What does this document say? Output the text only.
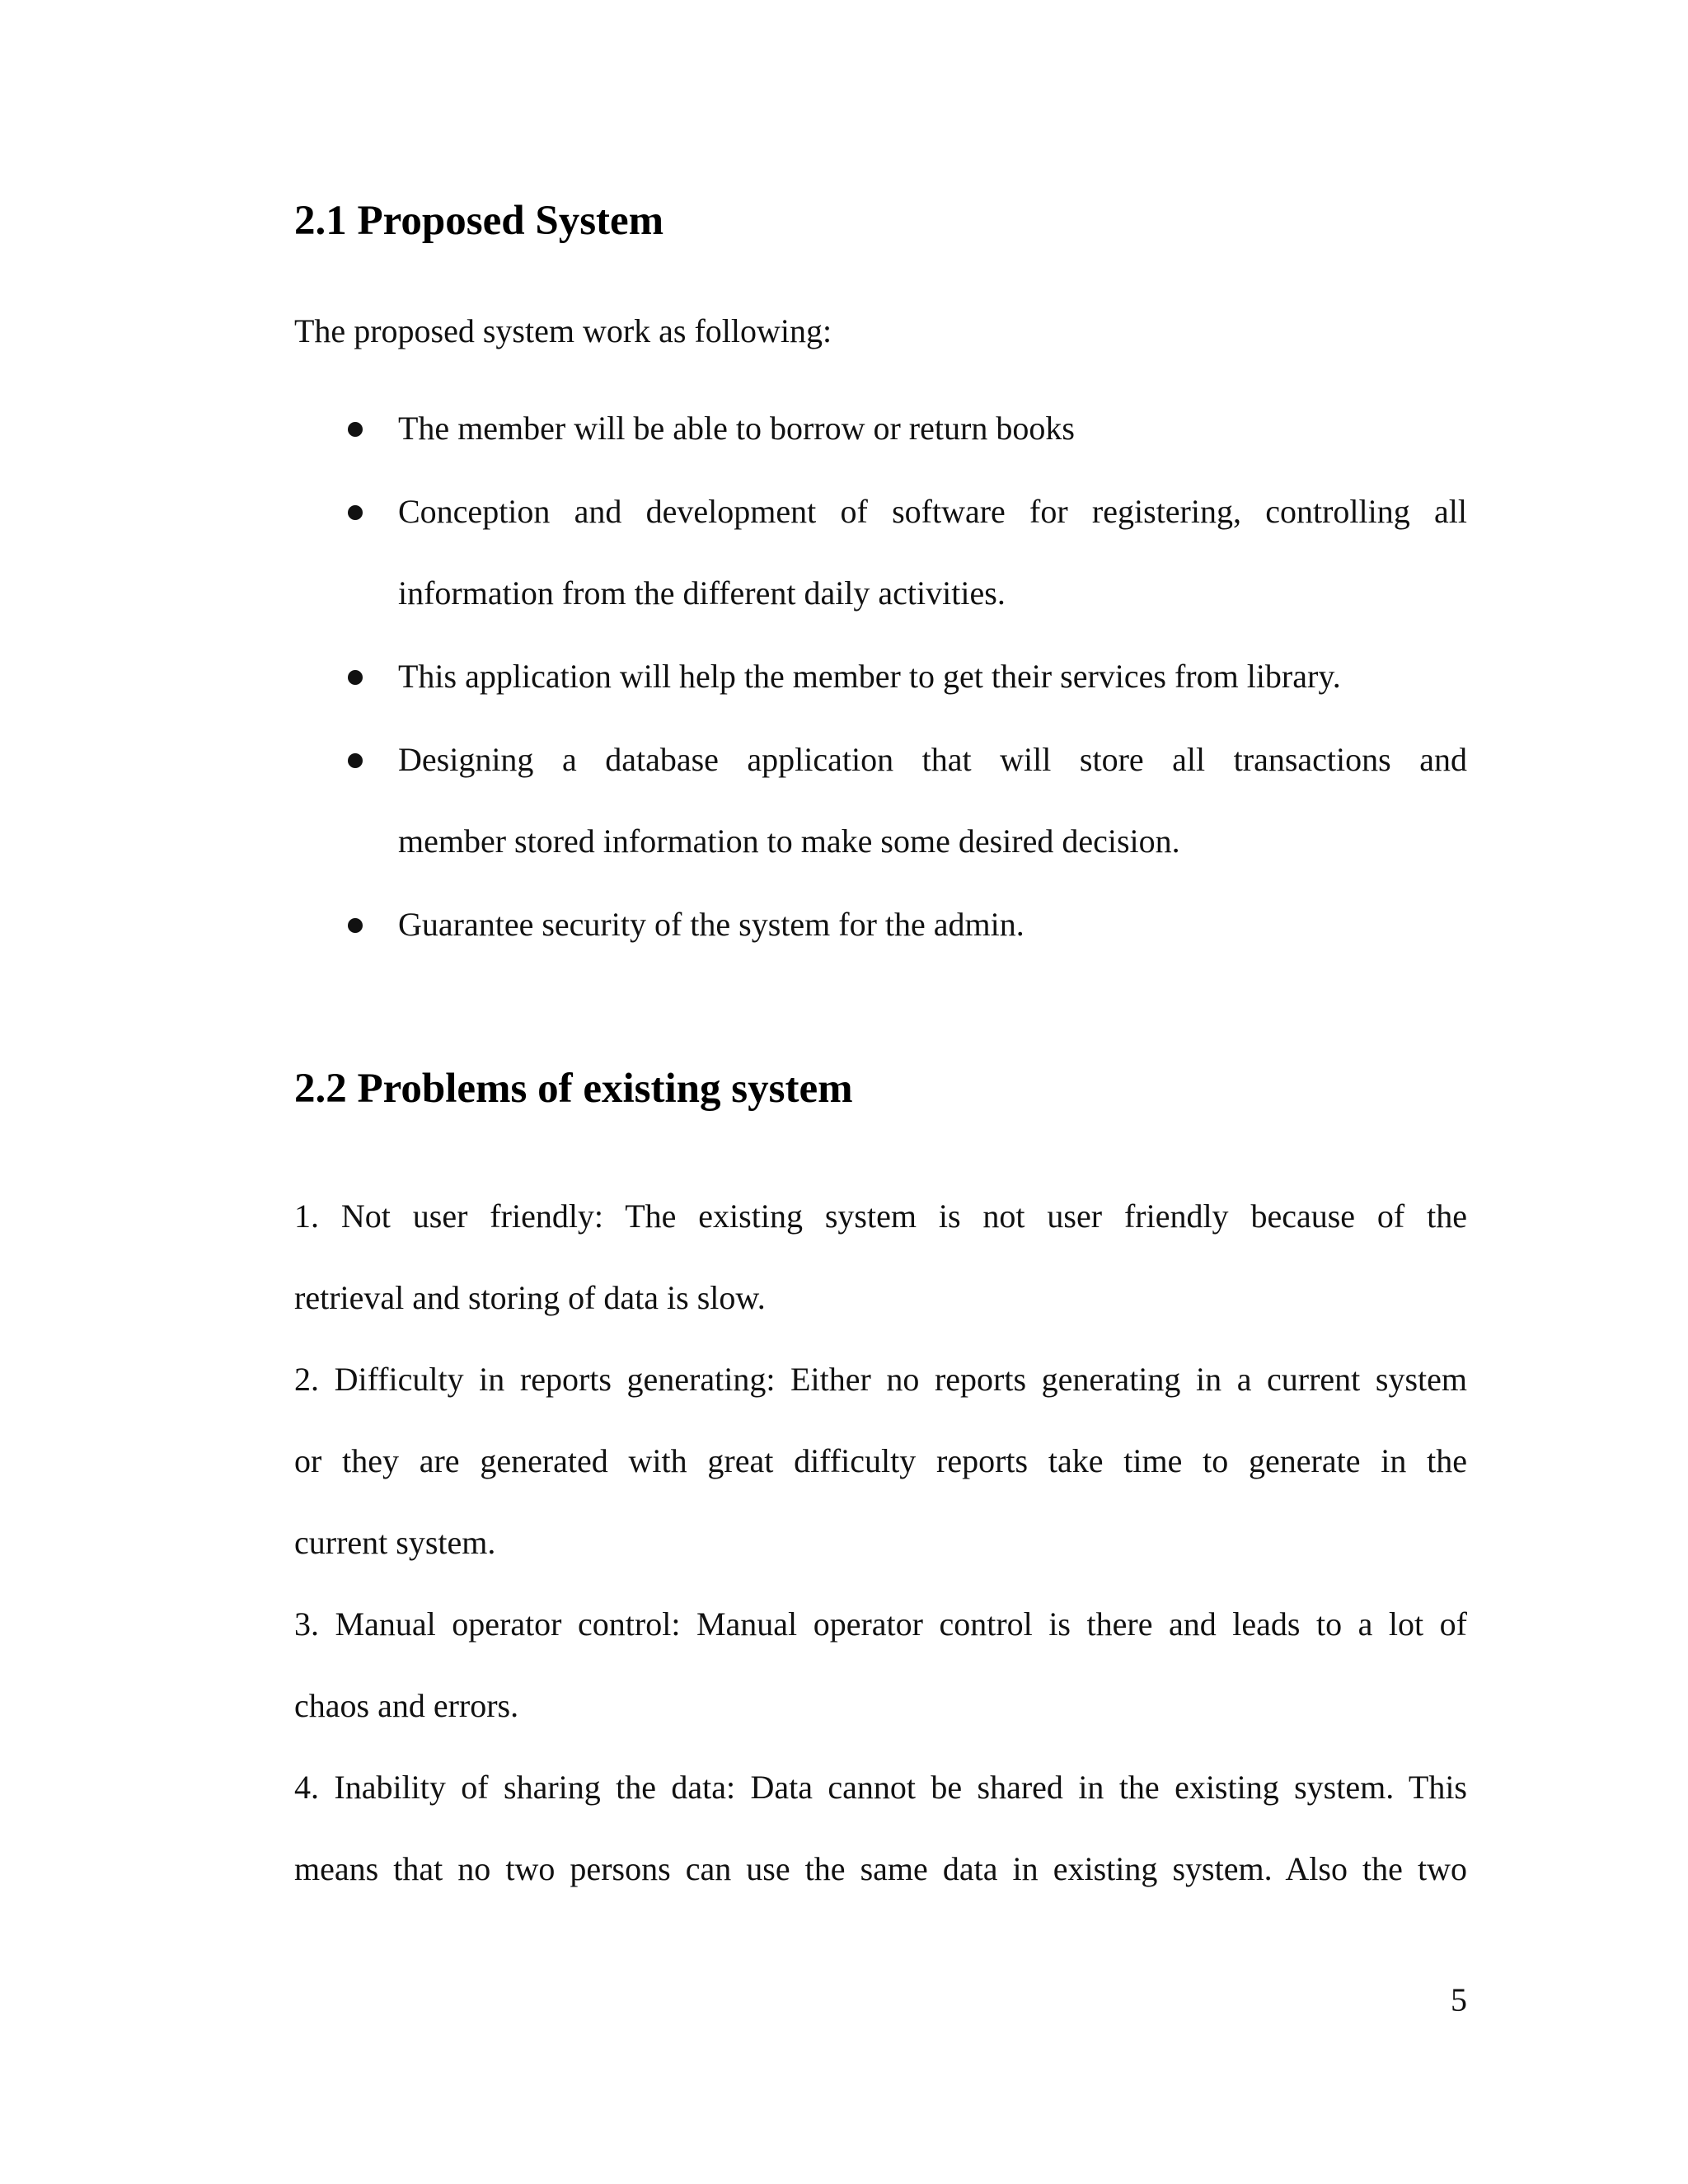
2.1 Proposed System

The proposed system work as following:

The member will be able to borrow or return books
Conception and development of software for registering, controlling all
information from the different daily activities.
This application will help the member to get their services from library.
Designing a database application that will store all transactions and
member stored information to make some desired decision.
Guarantee security of the system for the admin.
2.2 Problems of existing system
1. Not user friendly: The existing system is not user friendly because of the
retrieval and storing of data is slow.
2. Difficulty in reports generating: Either no reports generating in a current system
or they are generated with great difficulty reports take time to generate in the
current system.
3. Manual operator control: Manual operator control is there and leads to a lot of
chaos and errors.
4. Inability of sharing the data: Data cannot be shared in the existing system. This
means that no two persons can use the same data in existing system. Also the two
5
